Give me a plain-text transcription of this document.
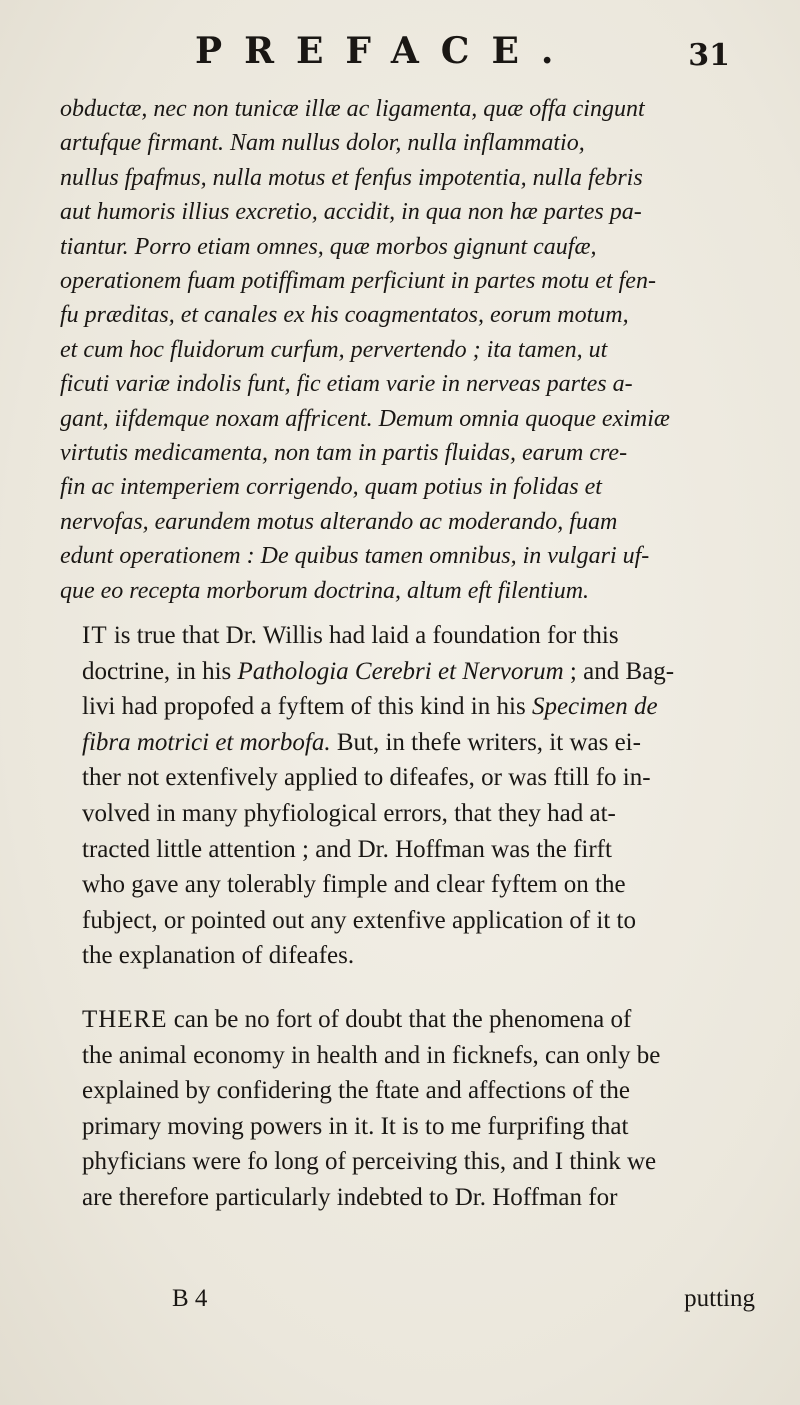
PREFACE.	31
obductæ, nec non tunicæ illæ ac ligamenta, quæ offa cingunt
artufque firmant. Nam nullus dolor, nulla inflammatio,
nullus fpafmus, nulla motus et fenfus impotentia, nulla febris
aut humoris illius excretio, accidit, in qua non hæ partes pa-
tiantur. Porro etiam omnes, quæ morbos gignunt caufæ,
operationem fuam potiffimam perficiunt in partes motu et fen-
fu præditas, et canales ex his coagmentatos, eorum motum,
et cum hoc fluidorum curfum, pervertendo ; ita tamen, ut
ficuti variæ indolis funt, fic etiam varie in nerveas partes a-
gant, iifdemque noxam affricent. Demum omnia quoque eximiæ
virtutis medicamenta, non tam in partis fluidas, earum cre-
fin ac intemperiem corrigendo, quam potius in folidas et
nervofas, earundem motus alterando ac moderando, fuam
edunt operationem : De quibus tamen omnibus, in vulgari uf-
que eo recepta morborum doctrina, altum eft filentium.
IT is true that Dr. Willis had laid a foundation for this
doctrine, in his Pathologia Cerebri et Nervorum ; and Bag-
livi had propofed a fyftem of this kind in his Specimen de
fibra motrici et morbofa. But, in thefe writers, it was ei-
ther not extenfively applied to difeafes, or was ftill fo in-
volved in many phyfiological errors, that they had at-
tracted little attention ; and Dr. Hoffman was the firft
who gave any tolerably fimple and clear fyftem on the
fubject, or pointed out any extenfive application of it to
the explanation of difeafes.
THERE can be no fort of doubt that the phenomena of
the animal economy in health and in ficknefs, can only be
explained by confidering the ftate and affections of the
primary moving powers in it. It is to me furprifing that
phyficians were fo long of perceiving this, and I think we
are therefore particularly indebted to Dr. Hoffman for
B 4	putting
